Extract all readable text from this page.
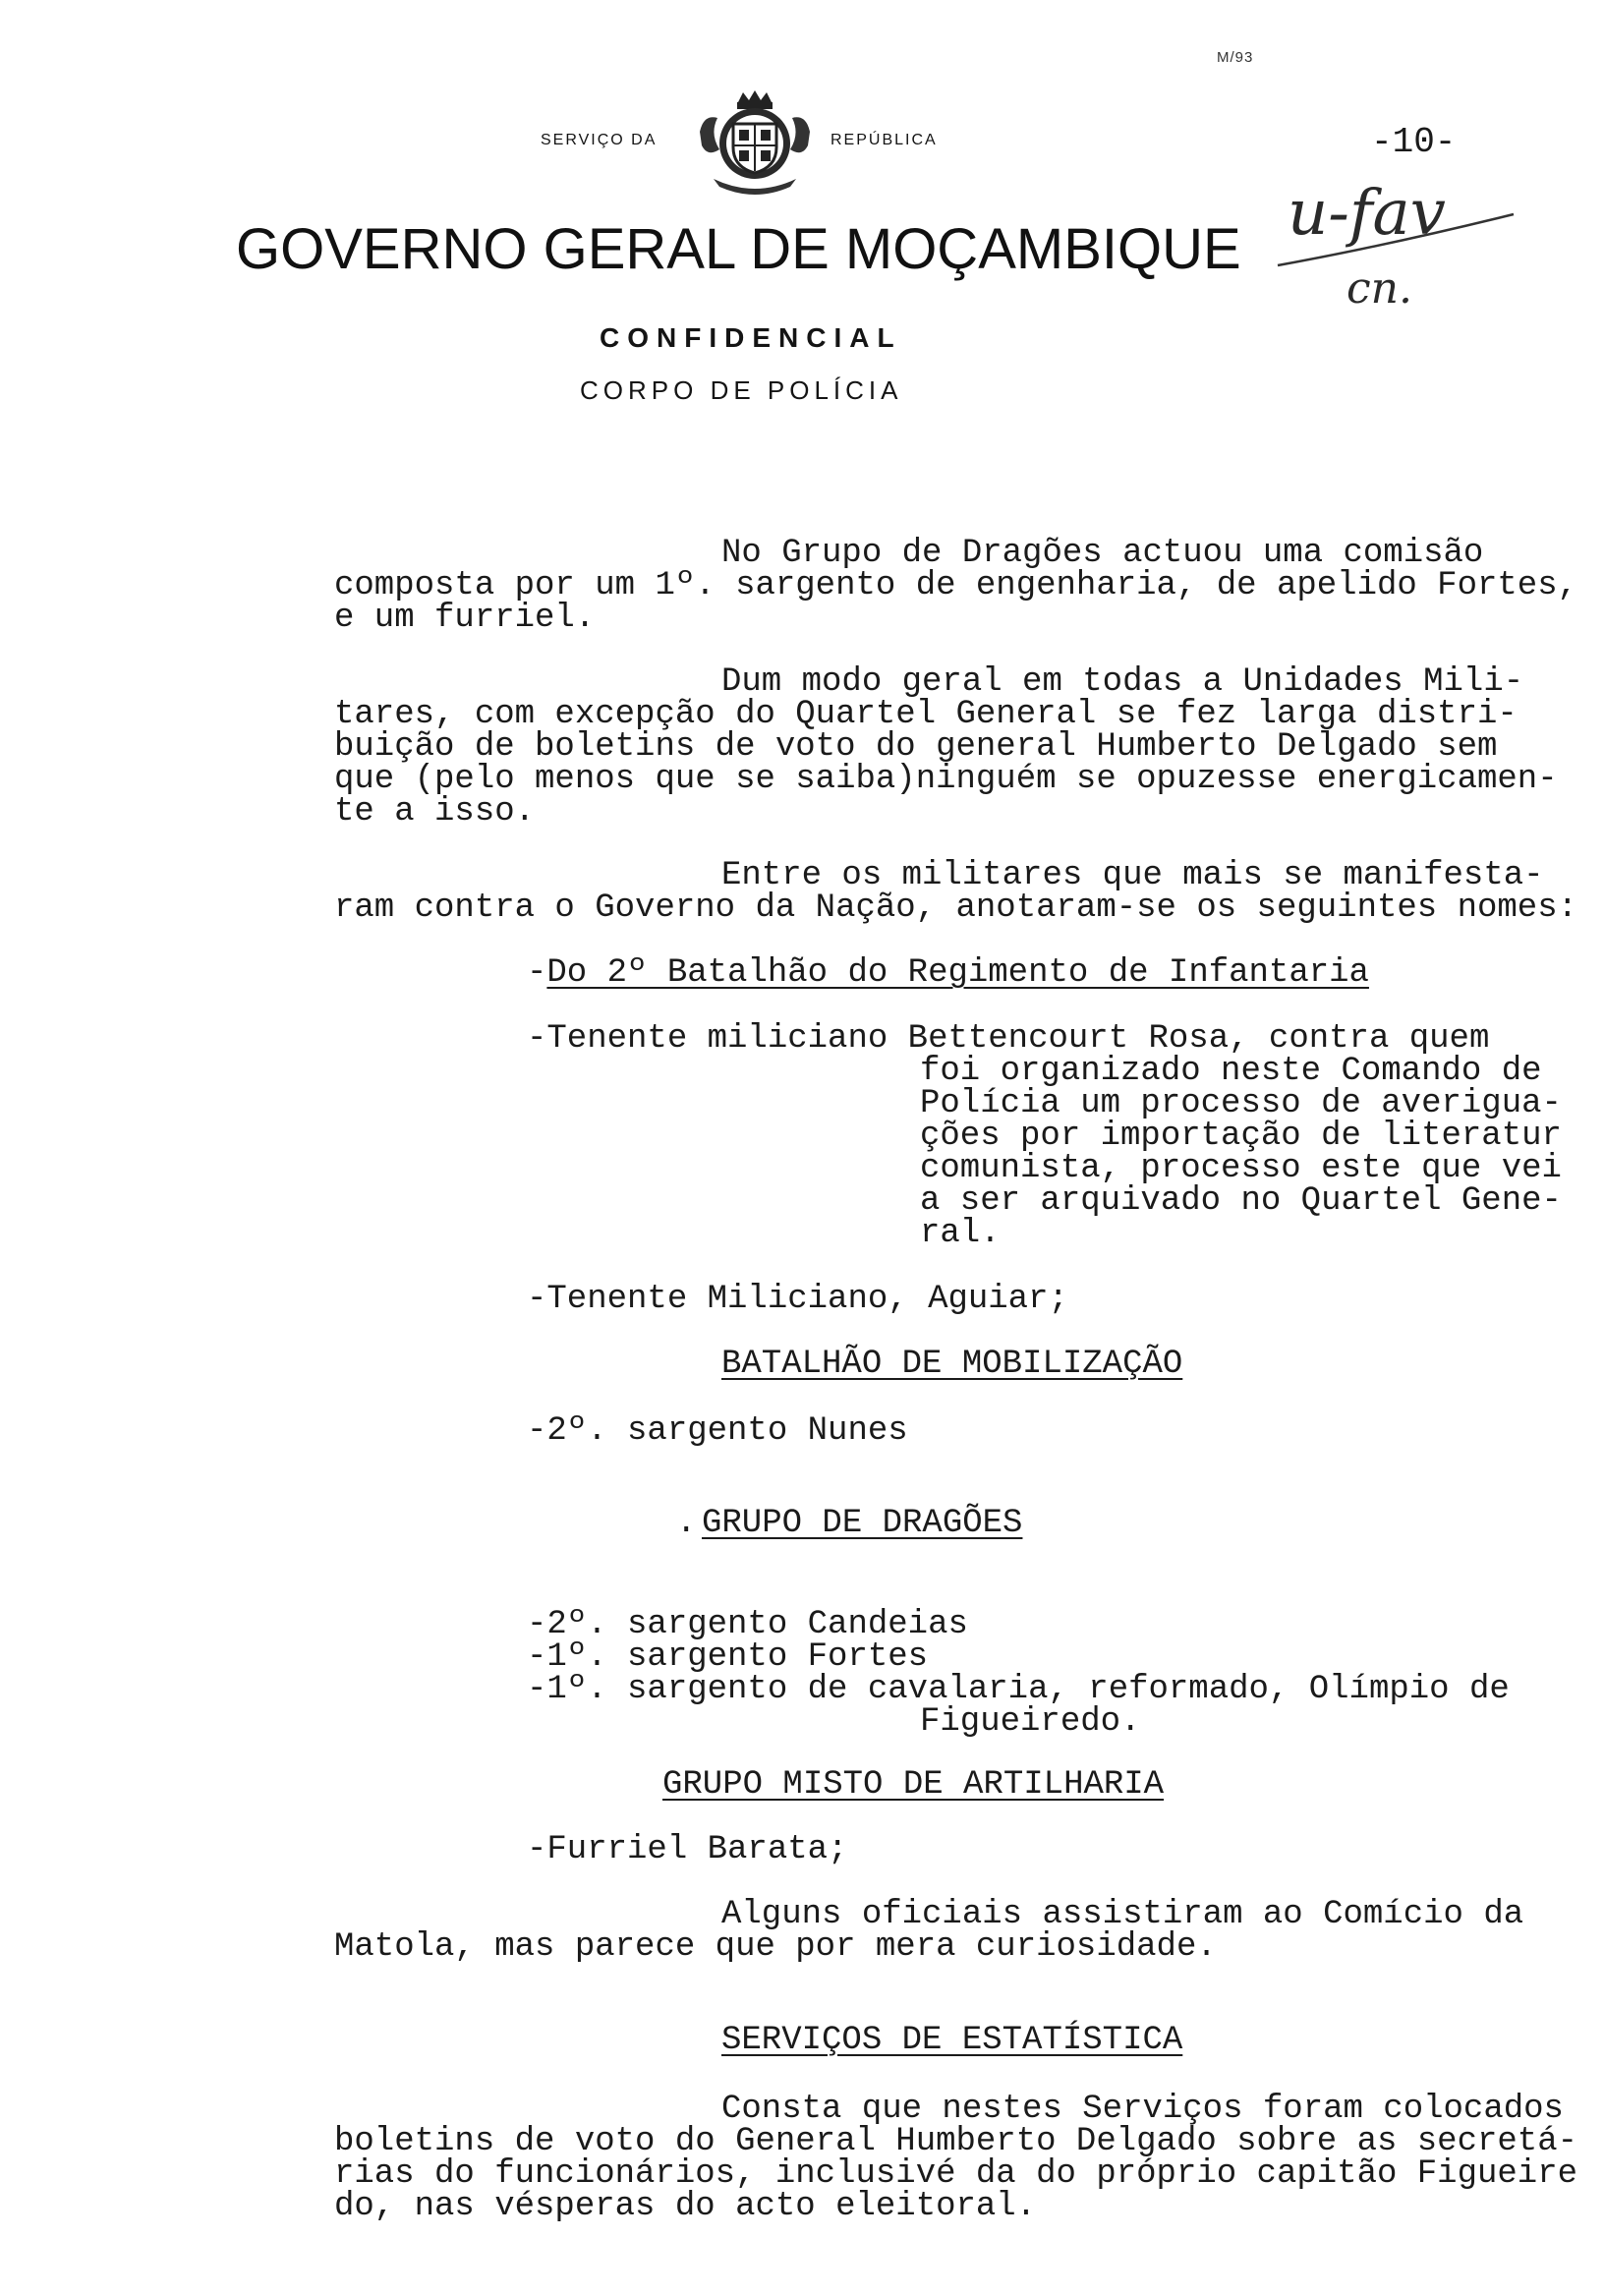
M/93
SERVIÇO DA	REPÚBLICA	-10-
GOVERNO GERAL DE MOÇAMBIQUE u-fav
cn.
CONFIDENCIAL
CORPO DE POLÍCIA
No Grupo de Dragões actuou uma comisão
composta por um 1º. sargento de engenharia, de apelido Fortes,
e um furriel.
Dum modo geral em todas a Unidades Mili-
tares, com excepção do Quartel General se fez larga distri-
buição de boletins de voto do general Humberto Delgado sem
que (pelo menos que se saiba)ninguém se opuzesse energicamen-
te a isso.
Entre os militares que mais se manifesta-
ram contra o Governo da Nação, anotaram-se os seguintes nomes:
-Do 2º Batalhão do Regimento de Infantaria
-Tenente miliciano Bettencourt Rosa, contra quem
foi organizado neste Comando de
Polícia um processo de averigua-
ções por importação de literatur
comunista, processo este que vei
a ser arquivado no Quartel Gene-
ral.
-Tenente Miliciano, Aguiar;
BATALHÃO DE MOBILIZAÇÃO
-2º. sargento Nunes
. GRUPO DE DRAGÕES
-2º. sargento Candeias
-1º. sargento Fortes
-1º. sargento de cavalaria, reformado, Olímpio de
Figueiredo.
GRUPO MISTO DE ARTILHARIA
-Furriel Barata;
Alguns oficiais assistiram ao Comício da
Matola, mas parece que por mera curiosidade.
SERVIÇOS DE ESTATÍSTICA
Consta que nestes Serviços foram colocados
boletins de voto do General Humberto Delgado sobre as secretá-
rias do funcionários, inclusivé da do próprio capitão Figueire
do, nas vésperas do acto eleitoral.
